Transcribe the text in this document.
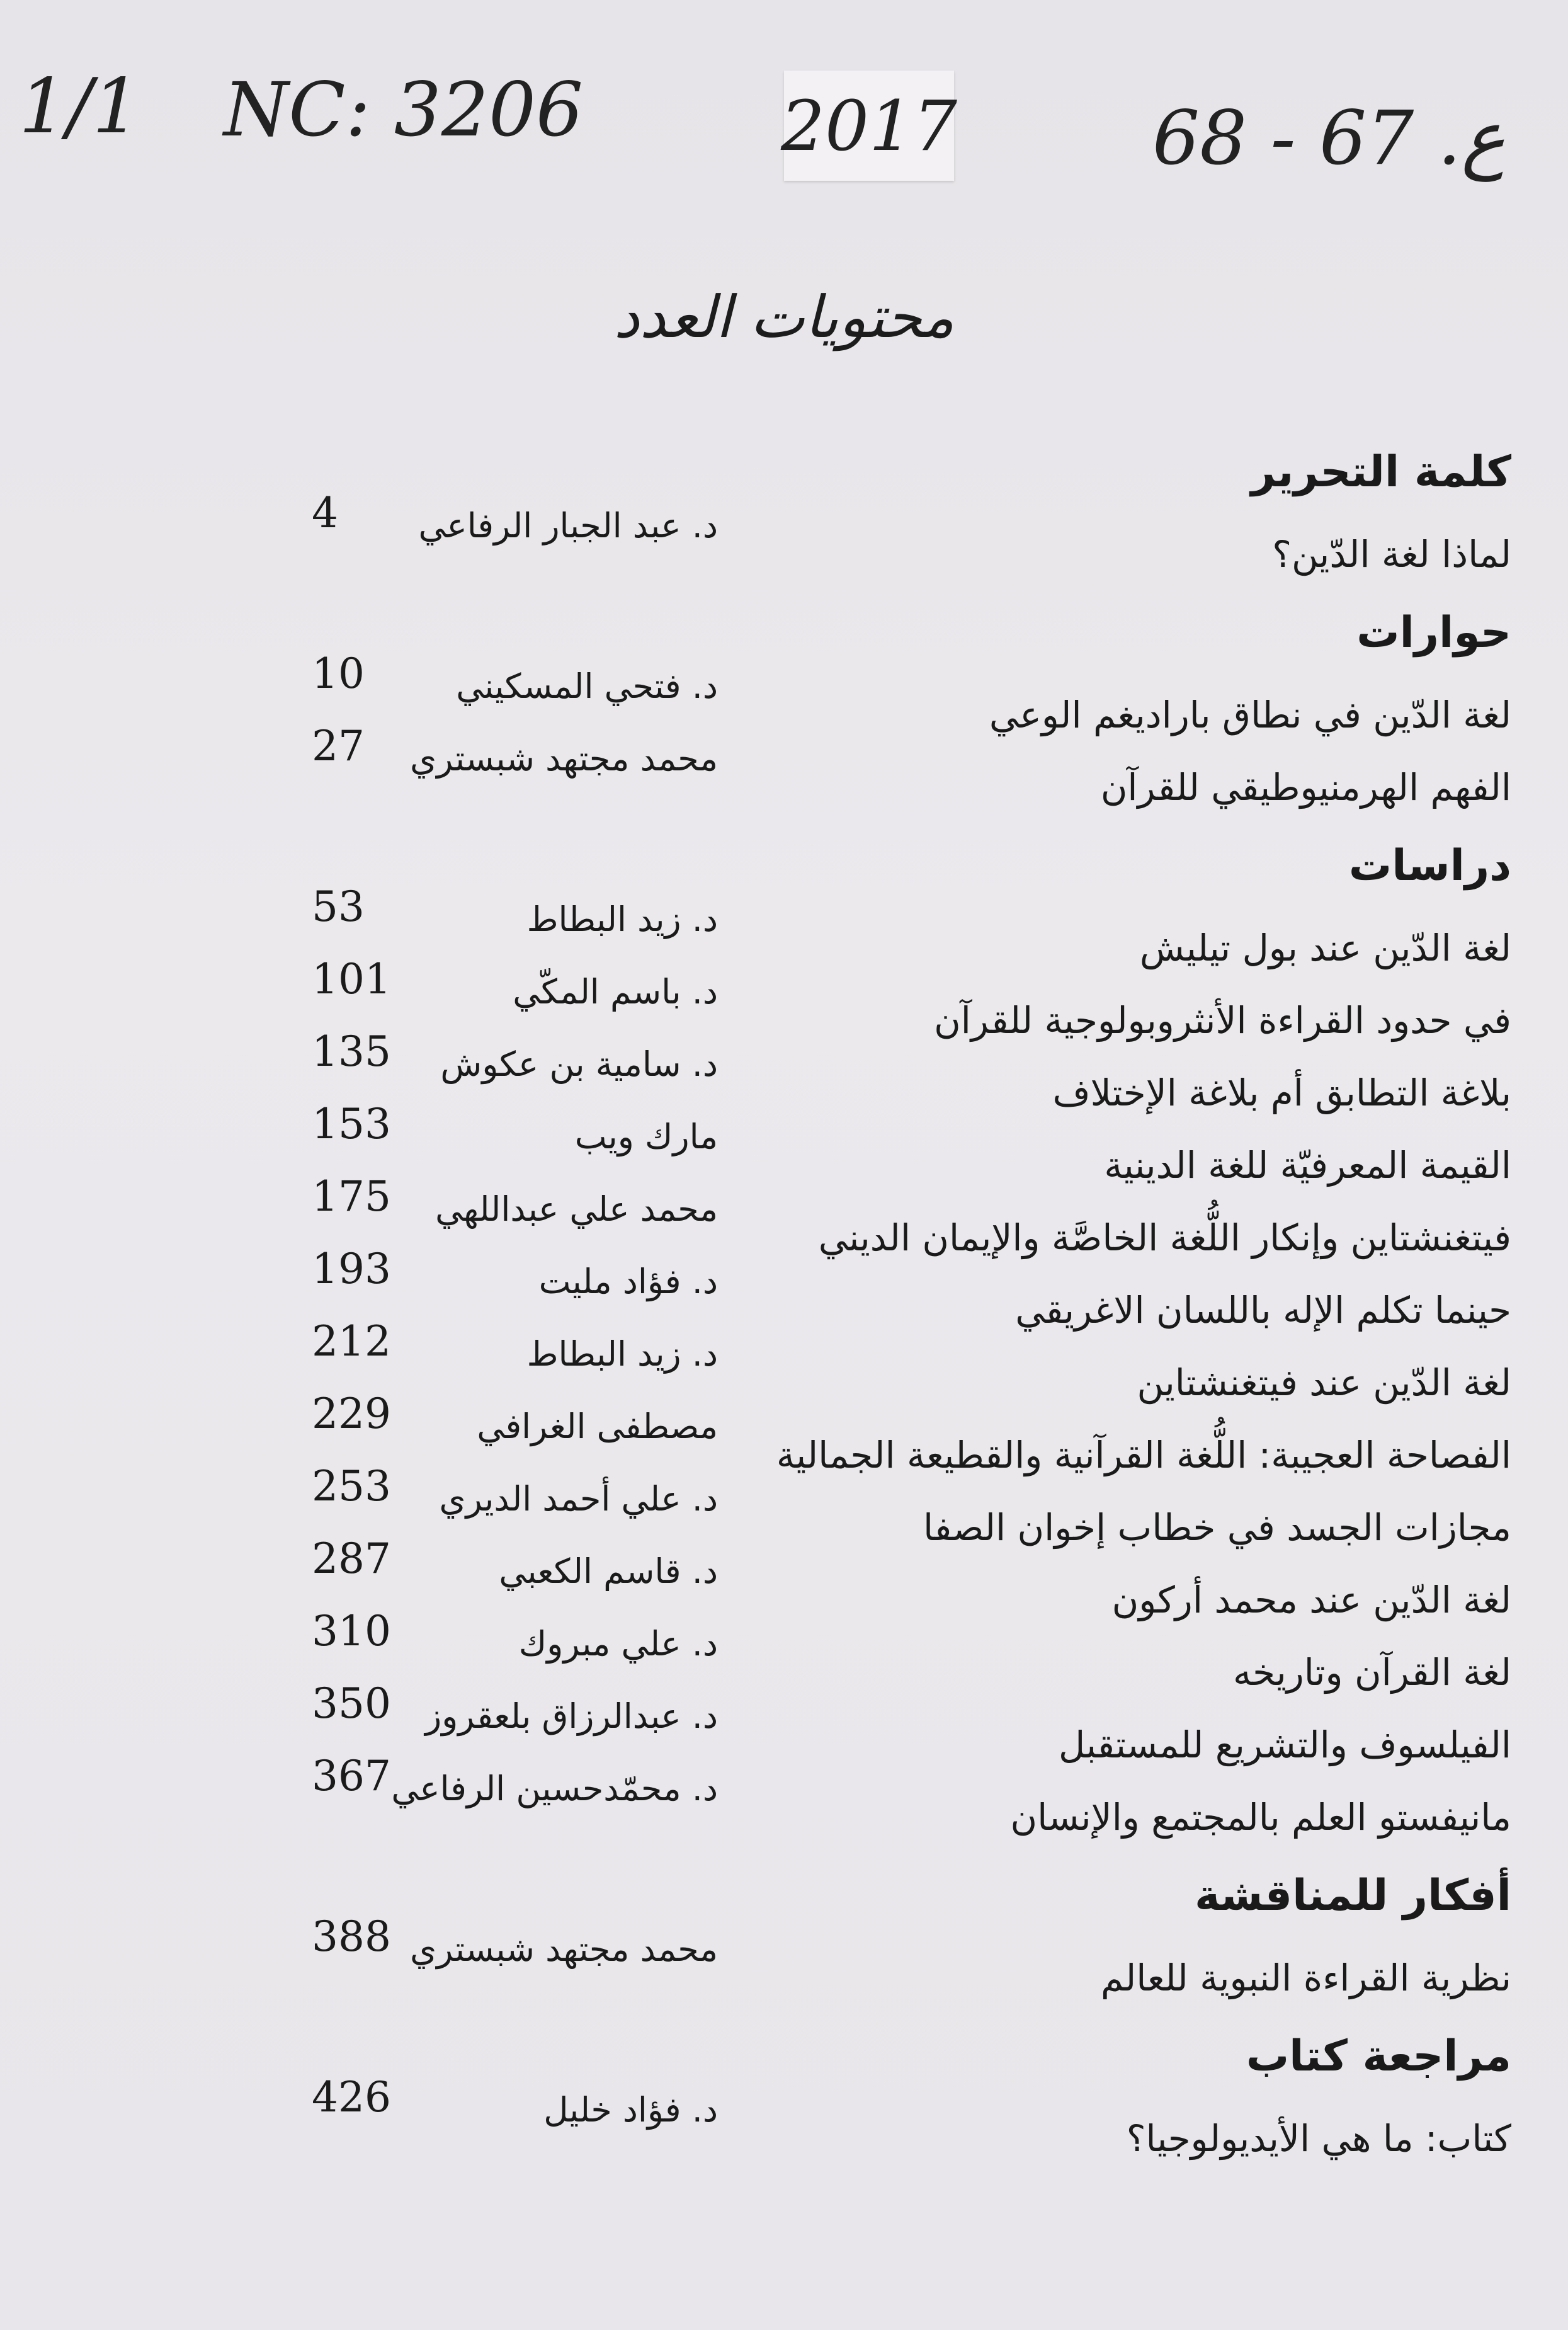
1/1 NC: 3206	2017	68 - 67 .ع
محتويات العدد
كلمة التحرير
لماذا لغة الدّين؟
د. عبد الجبار الرفاعي
4
حوارات
لغة الدّين في نطاق باراديغم الوعي
د. فتحي المسكيني
10
الفهم الهرمنيوطيقي للقرآن
محمد مجتهد شبستري
27
دراسات
لغة الدّين عند بول تيليش
د. زيد البطاط
53
في حدود القراءة الأنثروبولوجية للقرآن
د. باسم المكّي
101
بلاغة التطابق أم بلاغة الإختلاف
د. سامية بن عكوش
135
القيمة المعرفيّة للغة الدينية
مارك ويب
153
فيتغنشتاين وإنكار اللُّغة الخاصَّة والإيمان الديني
محمد علي عبداللهي
175
حينما تكلم الإله باللسان الاغريقي
د. فؤاد مليت
193
لغة الدّين عند فيتغنشتاين
د. زيد البطاط
212
الفصاحة العجيبة: اللُّغة القرآنية والقطيعة الجمالية
مصطفى الغرافي
229
مجازات الجسد في خطاب إخوان الصفا
د. علي أحمد الديري
253
لغة الدّين عند محمد أركون
د. قاسم الكعبي
287
لغة القرآن وتاريخه
د. علي مبروك
310
الفيلسوف والتشريع للمستقبل
د. عبدالرزاق بلعقروز
350
مانيفستو العلم بالمجتمع والإنسان
د. محمّدحسين الرفاعي
367
أفكار للمناقشة
نظرية القراءة النبوية للعالم
محمد مجتهد شبستري
388
مراجعة كتاب
كتاب: ما هي الأيديولوجيا؟
د. فؤاد خليل
426
